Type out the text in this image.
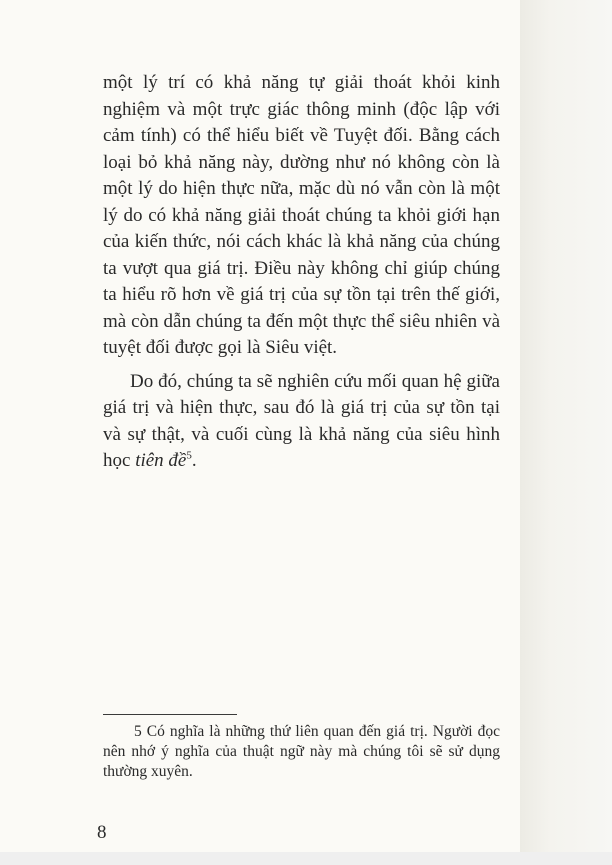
một lý trí có khả năng tự giải thoát khỏi kinh nghiệm và một trực giác thông minh (độc lập với cảm tính) có thể hiểu biết về Tuyệt đối. Bằng cách loại bỏ khả năng này, dường như nó không còn là một lý do hiện thực nữa, mặc dù nó vẫn còn là một lý do có khả năng giải thoát chúng ta khỏi giới hạn của kiến thức, nói cách khác là khả năng của chúng ta vượt qua giá trị. Điều này không chỉ giúp chúng ta hiểu rõ hơn về giá trị của sự tồn tại trên thế giới, mà còn dẫn chúng ta đến một thực thể siêu nhiên và tuyệt đối được gọi là Siêu việt.

Do đó, chúng ta sẽ nghiên cứu mối quan hệ giữa giá trị và hiện thực, sau đó là giá trị của sự tồn tại và sự thật, và cuối cùng là khả năng của siêu hình học tiên đề$^5$.

5 Có nghĩa là những thứ liên quan đến giá trị. Người đọc nên nhớ ý nghĩa của thuật ngữ này mà chúng tôi sẽ sử dụng thường xuyên.

8
